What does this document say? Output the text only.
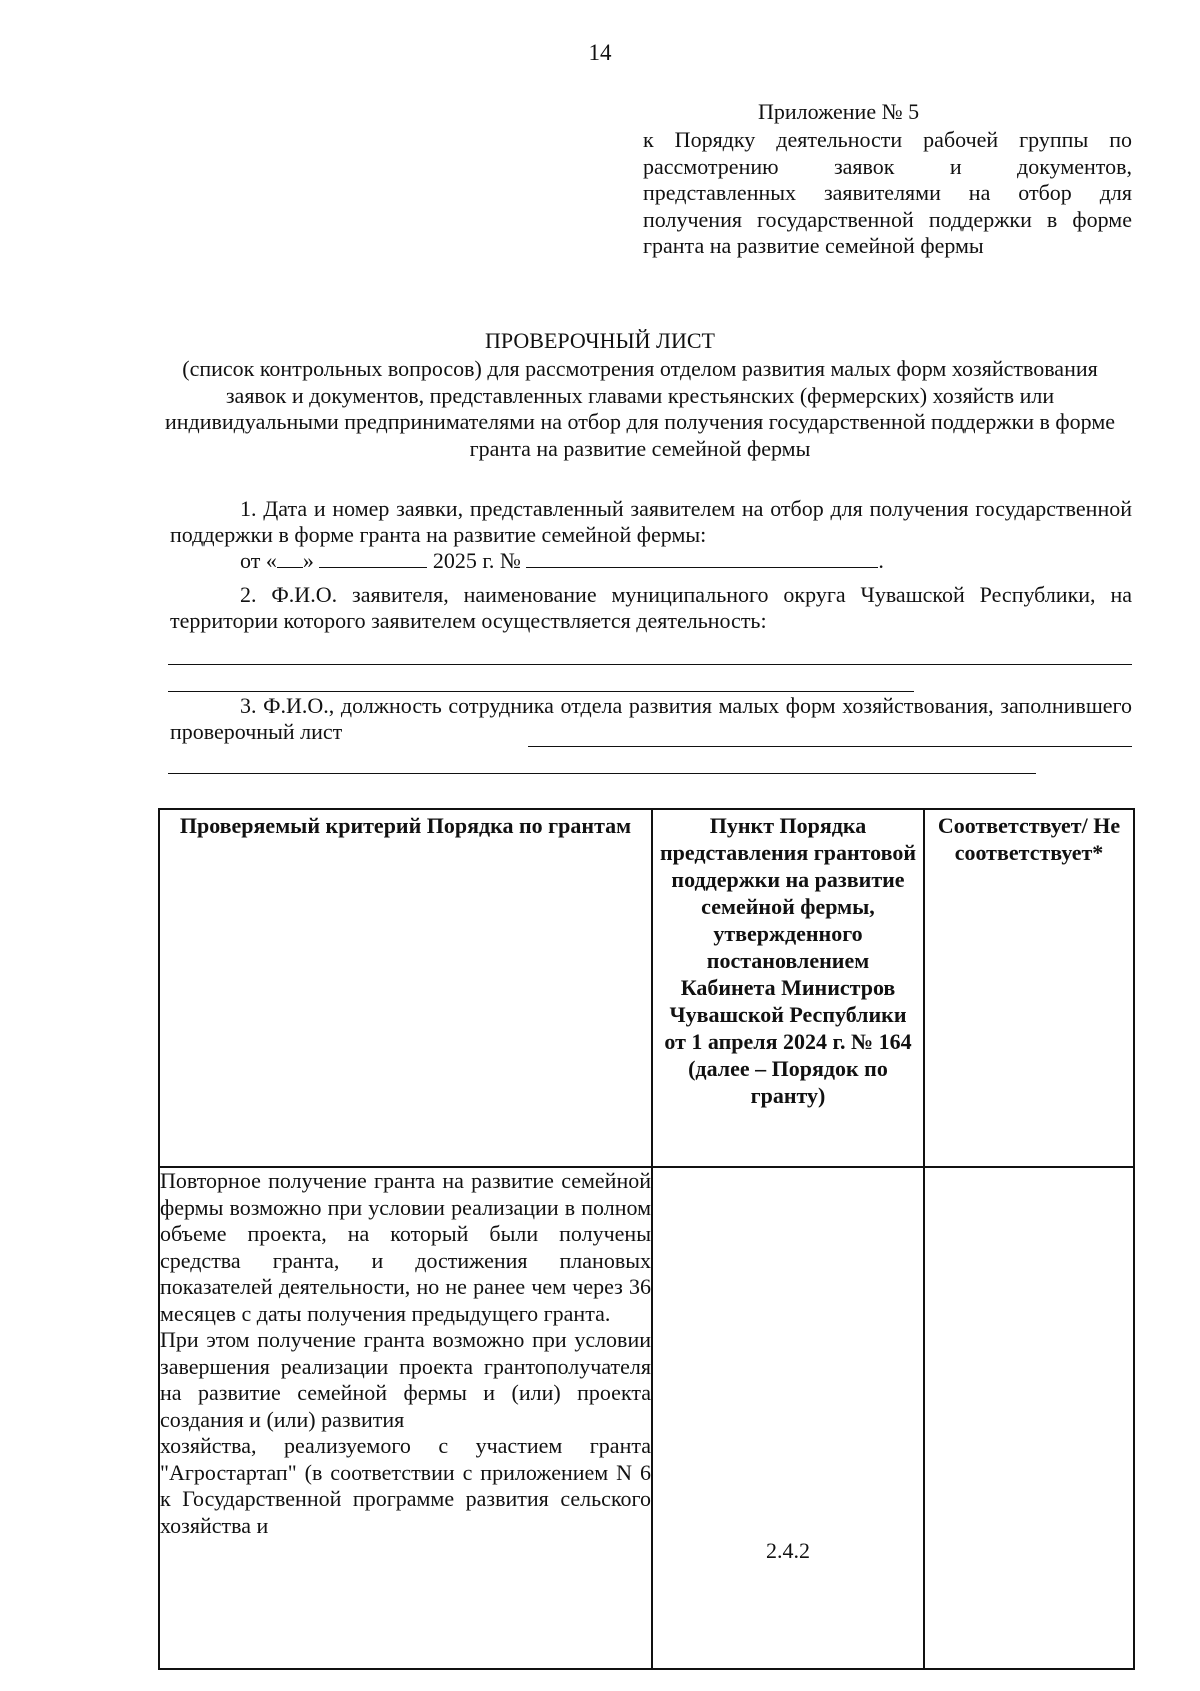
14
Приложение № 5
к Порядку деятельности рабочей группы по рассмотрению заявок и документов, представленных заявителями на отбор для получения государственной поддержки в форме гранта на развитие семейной фермы
ПРОВЕРОЧНЫЙ ЛИСТ
(список контрольных вопросов) для рассмотрения отделом развития малых форм хозяйствования заявок и документов, представленных главами крестьянских (фермерских) хозяйств или индивидуальными предпринимателями на отбор для получения государственной поддержки в форме гранта на развитие семейной фермы
1. Дата и номер заявки, представленный заявителем на отбор для получения государственной поддержки в форме гранта на развитие семейной фермы:
от « »	2025 г. №	.
2. Ф.И.О. заявителя, наименование муниципального округа Чувашской Республики, на территории которого заявителем осуществляется деятельность:
3. Ф.И.О., должность сотрудника отдела развития малых форм хозяйствования, заполнившего проверочный лист
Проверяемый критерий Порядка по грантам	Пункт Порядка представления грантовой поддержки на развитие семейной фермы, утвержденного постановлением Кабинета Министров Чувашской Республики от 1 апреля 2024 г. № 164 (далее – Порядок по гранту)	Соответствует/ Не соответствует*

Повторное получение гранта на развитие семейной фермы возможно при условии реализации в полном объеме проекта, на который были получены средства гранта, и достижения плановых показателей деятельности, но не ранее чем через 36 месяцев с даты получения предыдущего гранта.
При этом получение гранта возможно при условии завершения реализации проекта грантополучателя на развитие семейной фермы и (или) проекта создания и (или) развития
хозяйства, реализуемого с участием гранта "Агростартап" (в соответствии с приложением N 6 к Государственной программе развития сельского хозяйства и	2.4.2	
